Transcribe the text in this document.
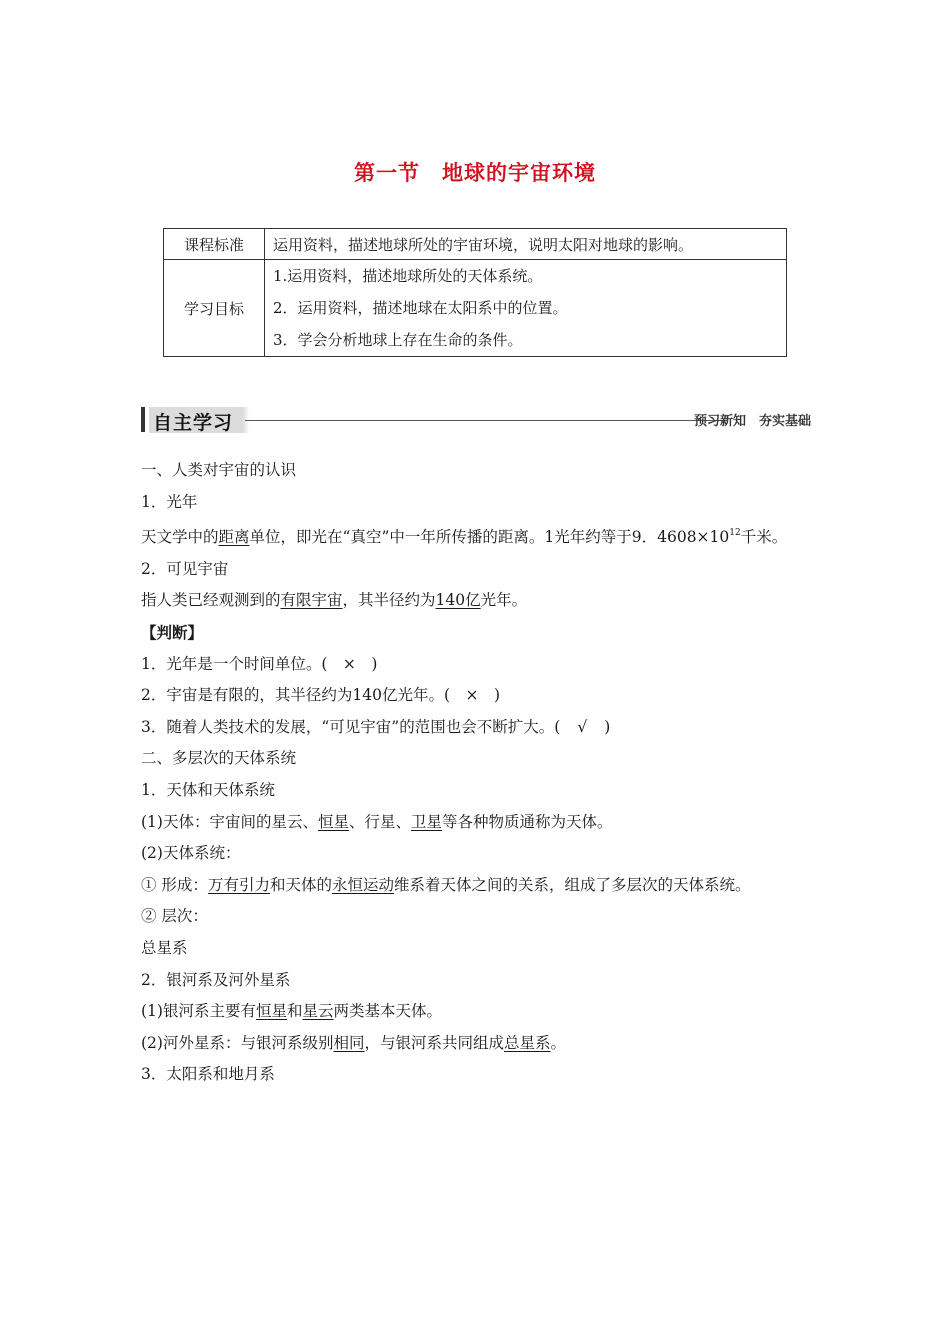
第一节　地球的宇宙环境
课程标准	运用资料，描述地球所处的宇宙环境，说明太阳对地球的影响。
学习目标	1.运用资料，描述地球所处的天体系统。
2．运用资料，描述地球在太阳系中的位置。
3．学会分析地球上存在生命的条件。
自主学习	预习新知　夯实基础
一、人类对宇宙的认识
1．光年
天文学中的距离单位，即光在“真空”中一年所传播的距离。1光年约等于9．$4608\times 10^{12}$千米。
2．可见宇宙
指人类已经观测到的有限宇宙，其半径约为140亿光年。
【判断】
1．光年是一个时间单位。( × )
2．宇宙是有限的，其半径约为140亿光年。( × )
3．随着人类技术的发展，“可见宇宙”的范围也会不断扩大。( √ )
二、多层次的天体系统
1．天体和天体系统
(1)天体：宇宙间的星云、恒星、行星、卫星等各种物质通称为天体。
(2)天体系统：
① 形成：万有引力和天体的永恒运动维系着天体之间的关系，组成了多层次的天体系统。
② 层次：
总星系
2．银河系及河外星系
(1)银河系主要有恒星和星云两类基本天体。
(2)河外星系：与银河系级别相同，与银河系共同组成总星系。
3．太阳系和地月系
